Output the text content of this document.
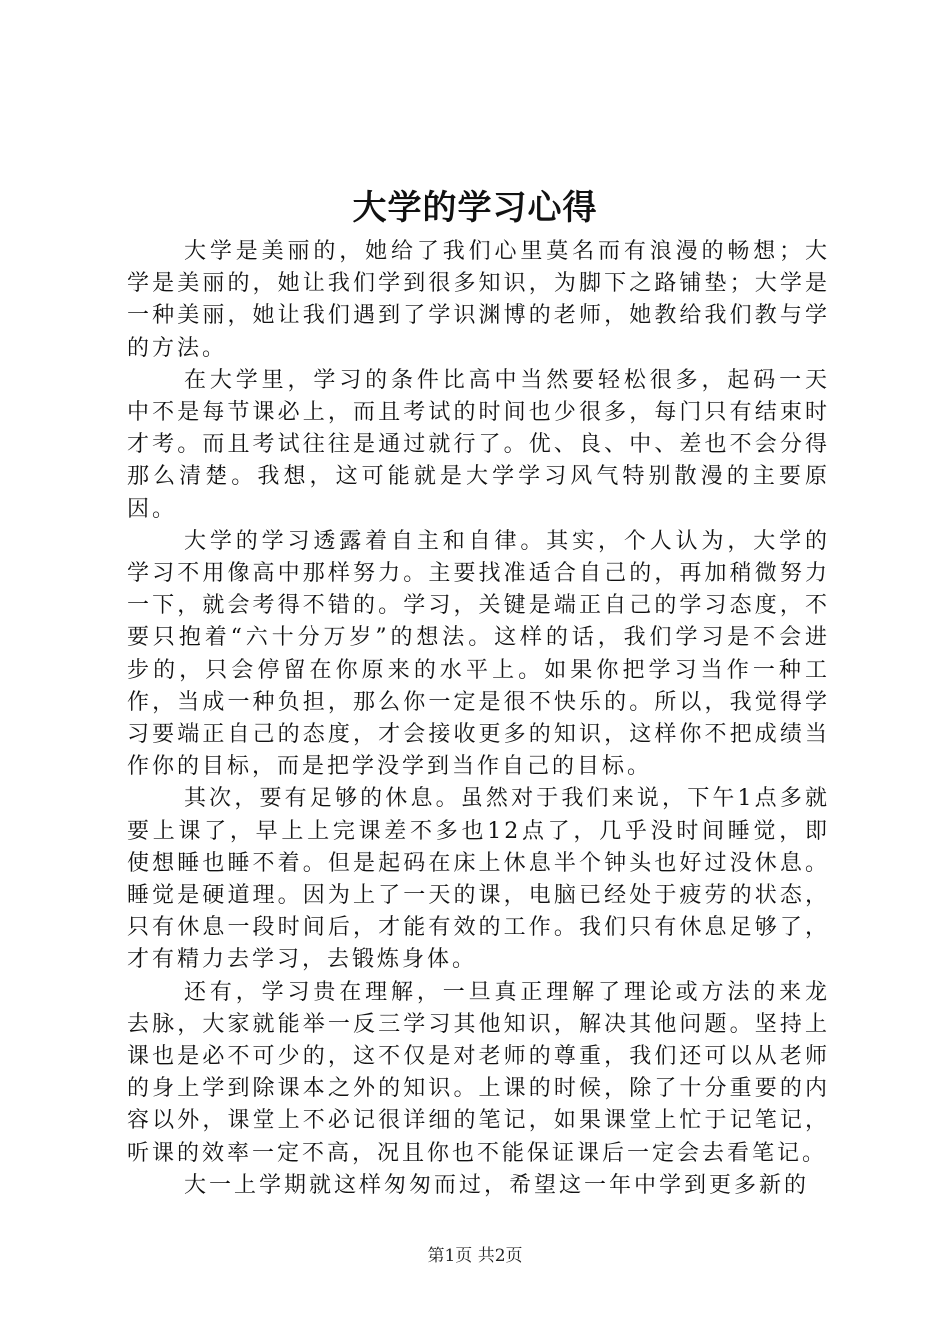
大学的学习心得

大学是美丽的，她给了我们心里莫名而有浪漫的畅想；大学是美丽的，她让我们学到很多知识，为脚下之路铺垫；大学是一种美丽，她让我们遇到了学识渊博的老师，她教给我们教与学的方法。

在大学里，学习的条件比高中当然要轻松很多，起码一天中不是每节课必上，而且考试的时间也少很多，每门只有结束时才考。而且考试往往是通过就行了。优、良、中、差也不会分得那么清楚。我想，这可能就是大学学习风气特别散漫的主要原因。

大学的学习透露着自主和自律。其实，个人认为，大学的学习不用像高中那样努力。主要找准适合自己的，再加稍微努力一下，就会考得不错的。学习，关键是端正自己的学习态度，不要只抱着“六十分万岁”的想法。这样的话，我们学习是不会进步的，只会停留在你原来的水平上。如果你把学习当作一种工作，当成一种负担，那么你一定是很不快乐的。所以，我觉得学习要端正自己的态度，才会接收更多的知识，这样你不把成绩当作你的目标，而是把学没学到当作自己的目标。

其次，要有足够的休息。虽然对于我们来说，下午1点多就要上课了，早上上完课差不多也12点了，几乎没时间睡觉，即使想睡也睡不着。但是起码在床上休息半个钟头也好过没休息。睡觉是硬道理。因为上了一天的课，电脑已经处于疲劳的状态，只有休息一段时间后，才能有效的工作。我们只有休息足够了，才有精力去学习，去锻炼身体。

还有，学习贵在理解，一旦真正理解了理论或方法的来龙去脉，大家就能举一反三学习其他知识，解决其他问题。坚持上课也是必不可少的，这不仅是对老师的尊重，我们还可以从老师的身上学到除课本之外的知识。上课的时候，除了十分重要的内容以外，课堂上不必记很详细的笔记，如果课堂上忙于记笔记，听课的效率一定不高，况且你也不能保证课后一定会去看笔记。

大一上学期就这样匆匆而过，希望这一年中学到更多新的

第1页 共2页
